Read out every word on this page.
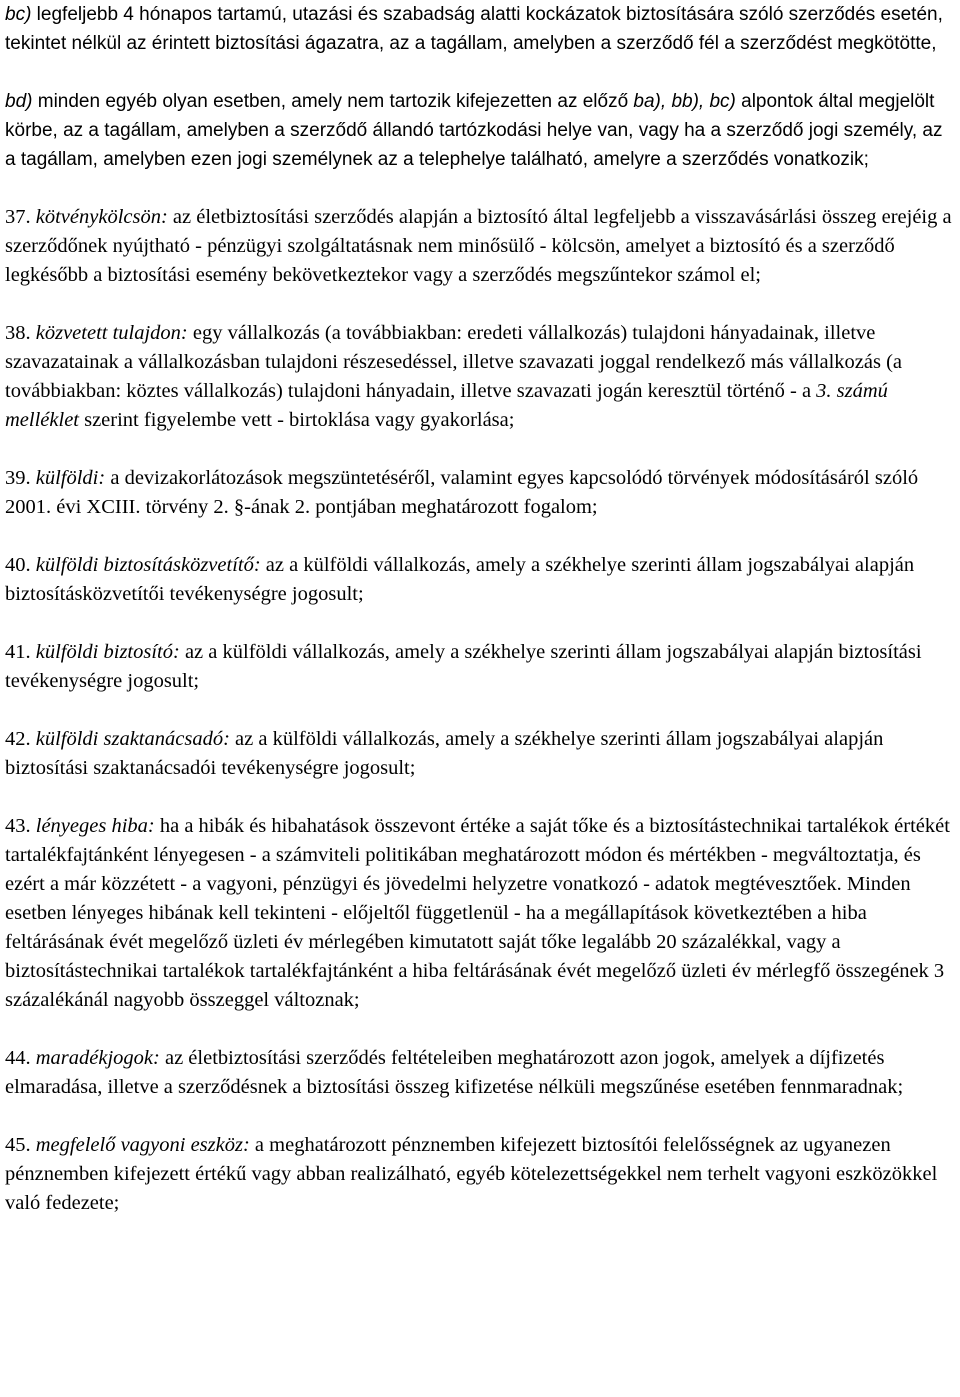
bc) legfeljebb 4 hónapos tartamú, utazási és szabadság alatti kockázatok biztosítására szóló szerződés esetén, tekintet nélkül az érintett biztosítási ágazatra, az a tagállam, amelyben a szerződő fél a szerződést megkötötte,

bd) minden egyéb olyan esetben, amely nem tartozik kifejezetten az előző ba), bb), bc) alpontok által megjelölt körbe, az a tagállam, amelyben a szerződő állandó tartózkodási helye van, vagy ha a szerződő jogi személy, az a tagállam, amelyben ezen jogi személynek az a telephelye található, amelyre a szerződés vonatkozik;

37. kötvénykölcsön: az életbiztosítási szerződés alapján a biztosító által legfeljebb a visszavásárlási összeg erejéig a szerződőnek nyújtható - pénzügyi szolgáltatásnak nem minősülő - kölcsön, amelyet a biztosító és a szerződő legkésőbb a biztosítási esemény bekövetkeztekor vagy a szerződés megszűntekor számol el;

38. közvetett tulajdon: egy vállalkozás (a továbbiakban: eredeti vállalkozás) tulajdoni hányadainak, illetve szavazatainak a vállalkozásban tulajdoni részesedéssel, illetve szavazati joggal rendelkező más vállalkozás (a továbbiakban: köztes vállalkozás) tulajdoni hányadain, illetve szavazati jogán keresztül történő - a 3. számú melléklet szerint figyelembe vett - birtoklása vagy gyakorlása;

39. külföldi: a devizakorlátozások megszüntetéséről, valamint egyes kapcsolódó törvények módosításáról szóló 2001. évi XCIII. törvény 2. §-ának 2. pontjában meghatározott fogalom;

40. külföldi biztosításközvetítő: az a külföldi vállalkozás, amely a székhelye szerinti állam jogszabályai alapján biztosításközvetítői tevékenységre jogosult;

41. külföldi biztosító: az a külföldi vállalkozás, amely a székhelye szerinti állam jogszabályai alapján biztosítási tevékenységre jogosult;

42. külföldi szaktanácsadó: az a külföldi vállalkozás, amely a székhelye szerinti állam jogszabályai alapján biztosítási szaktanácsadói tevékenységre jogosult;

43. lényeges hiba: ha a hibák és hibahatások összevont értéke a saját tőke és a biztosítástechnikai tartalékok értékét tartalékfajtánként lényegesen - a számviteli politikában meghatározott módon és mértékben - megváltoztatja, és ezért a már közzétett - a vagyoni, pénzügyi és jövedelmi helyzetre vonatkozó - adatok megtévesztőek. Minden esetben lényeges hibának kell tekinteni - előjeltől függetlenül - ha a megállapítások következtében a hiba feltárásának évét megelőző üzleti év mérlegében kimutatott saját tőke legalább 20 százalékkal, vagy a biztosítástechnikai tartalékok tartalékfajtánként a hiba feltárásának évét megelőző üzleti év mérlegfő összegének 3 százalékánál nagyobb összeggel változnak;

44. maradékjogok: az életbiztosítási szerződés feltételeiben meghatározott azon jogok, amelyek a díjfizetés elmaradása, illetve a szerződésnek a biztosítási összeg kifizetése nélküli megszűnése esetében fennmaradnak;

45. megfelelő vagyoni eszköz: a meghatározott pénznemben kifejezett biztosítói felelősségnek az ugyanezen pénznemben kifejezett értékű vagy abban realizálható, egyéb kötelezettségekkel nem terhelt vagyoni eszközökkel való fedezete;
